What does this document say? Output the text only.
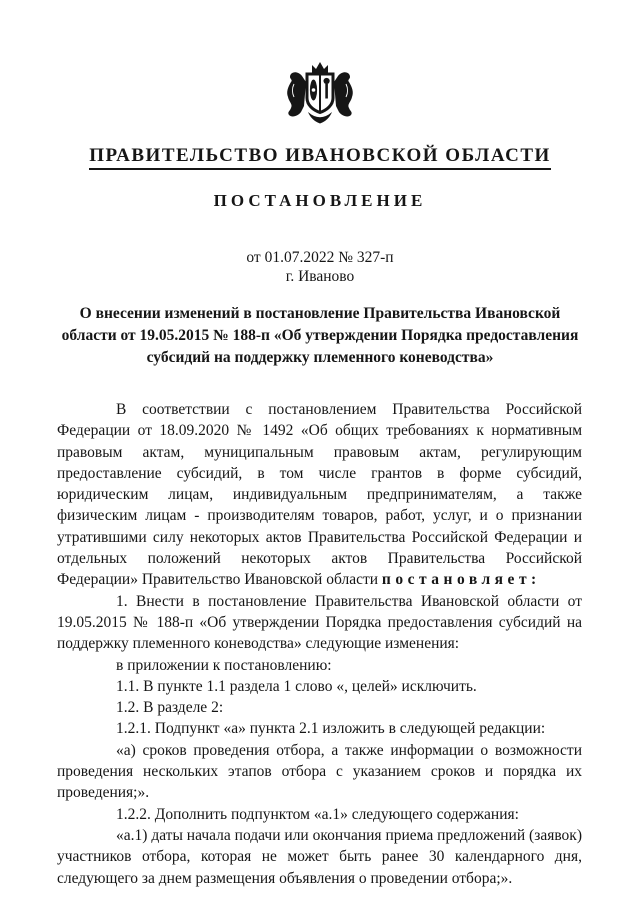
ПРАВИТЕЛЬСТВО ИВАНОВСКОЙ ОБЛАСТИ
ПОСТАНОВЛЕНИЕ
от 01.07.2022 № 327-п
г. Иваново
О внесении изменений в постановление Правительства Ивановской области от 19.05.2015 № 188-п «Об утверждении Порядка предоставления субсидий на поддержку племенного коневодства»

В соответствии с постановлением Правительства Российской Федерации от 18.09.2020 № 1492 «Об общих требованиях к нормативным правовым актам, муниципальным правовым актам, регулирующим предоставление субсидий, в том числе грантов в форме субсидий, юридическим лицам, индивидуальным предпринимателям, а также физическим лицам - производителям товаров, работ, услуг, и о признании утратившими силу некоторых актов Правительства Российской Федерации и отдельных положений некоторых актов Правительства Российской Федерации» Правительство Ивановской области постановляет:

1. Внести в постановление Правительства Ивановской области от 19.05.2015 № 188-п «Об утверждении Порядка предоставления субсидий на поддержку племенного коневодства» следующие изменения:

в приложении к постановлению:

1.1. В пункте 1.1 раздела 1 слово «, целей» исключить.

1.2. В разделе 2:

1.2.1. Подпункт «а» пункта 2.1 изложить в следующей редакции:

«а) сроков проведения отбора, а также информации о возможности проведения нескольких этапов отбора с указанием сроков и порядка их проведения;».

1.2.2. Дополнить подпунктом «а.1» следующего содержания:

«а.1) даты начала подачи или окончания приема предложений (заявок) участников отбора, которая не может быть ранее 30 календарного дня, следующего за днем размещения объявления о проведении отбора;».
